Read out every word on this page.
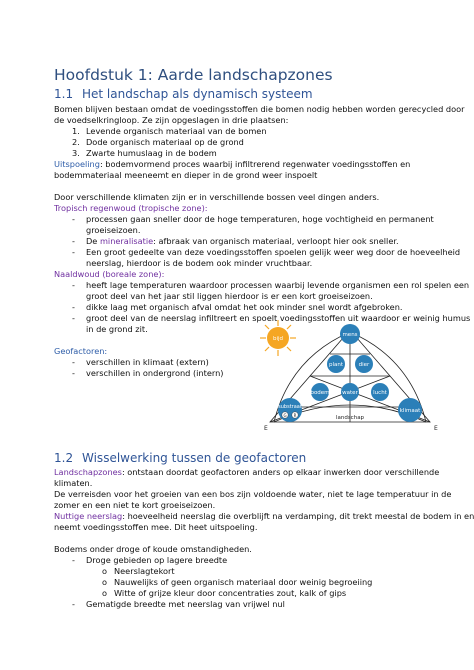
Hoofdstuk 1: Aarde landschapzones
1.1 Het landschap als dynamisch systeem
Bomen blijven bestaan omdat de voedingsstoffen die bomen nodig hebben worden gerecycled door
de voedselkringloop. Ze zijn opgeslagen in drie plaatsen:
1. Levende organisch materiaal van de bomen
2. Dode organisch materiaal op de grond
3. Zwarte humuslaag in de bodem
Uitspoeling: bodemvormend proces waarbij infiltrerend regenwater voedingsstoffen en
bodemmateriaal meeneemt en dieper in de grond weer inspoelt
Door verschillende klimaten zijn er in verschillende bossen veel dingen anders.
Tropisch regenwoud (tropische zone):
- processen gaan sneller door de hoge temperaturen, hoge vochtigheid en permanent
groeiseizoen.
- De mineralisatie: afbraak van organisch materiaal, verloopt hier ook sneller.
- Een groot gedeelte van deze voedingsstoffen spoelen gelijk weer weg door de hoeveelheid
neerslag, hierdoor is de bodem ook minder vruchtbaar.
Naaldwoud (boreale zone):
- heeft lage temperaturen waardoor processen waarbij levende organismen een rol spelen een
groot deel van het jaar stil liggen hierdoor is er een kort groeiseizoen.
- dikke laag met organisch afval omdat het ook minder snel wordt afgebroken.
- groot deel van de neerslag infiltreert en spoelt voedingsstoffen uit waardoor er weinig humus
in de grond zit.
Geofactoren:
- verschillen in klimaat (extern)
- verschillen in ondergrond (intern)
bijd
mens
plant	dier
bodem water	lucht
substraat
G R
klimaat
landschap
E	E
1.2 Wisselwerking tussen de geofactoren
Landschapzones: ontstaan doordat geofactoren anders op elkaar inwerken door verschillende
klimaten.
De verreisden voor het groeien van een bos zijn voldoende water, niet te lage temperatuur in de
zomer en een niet te kort groeiseizoen.
Nuttige neerslag: hoeveelheid neerslag die overblijft na verdamping, dit trekt meestal de bodem in en
neemt voedingsstoffen mee. Dit heet uitspoeling.
Bodems onder droge of koude omstandigheden.
- Droge gebieden op lagere breedte
o Neerslagtekort
o Nauwelijks of geen organisch materiaal door weinig begroeiing
o Witte of grijze kleur door concentraties zout, kalk of gips
- Gematigde breedte met neerslag van vrijwel nul
